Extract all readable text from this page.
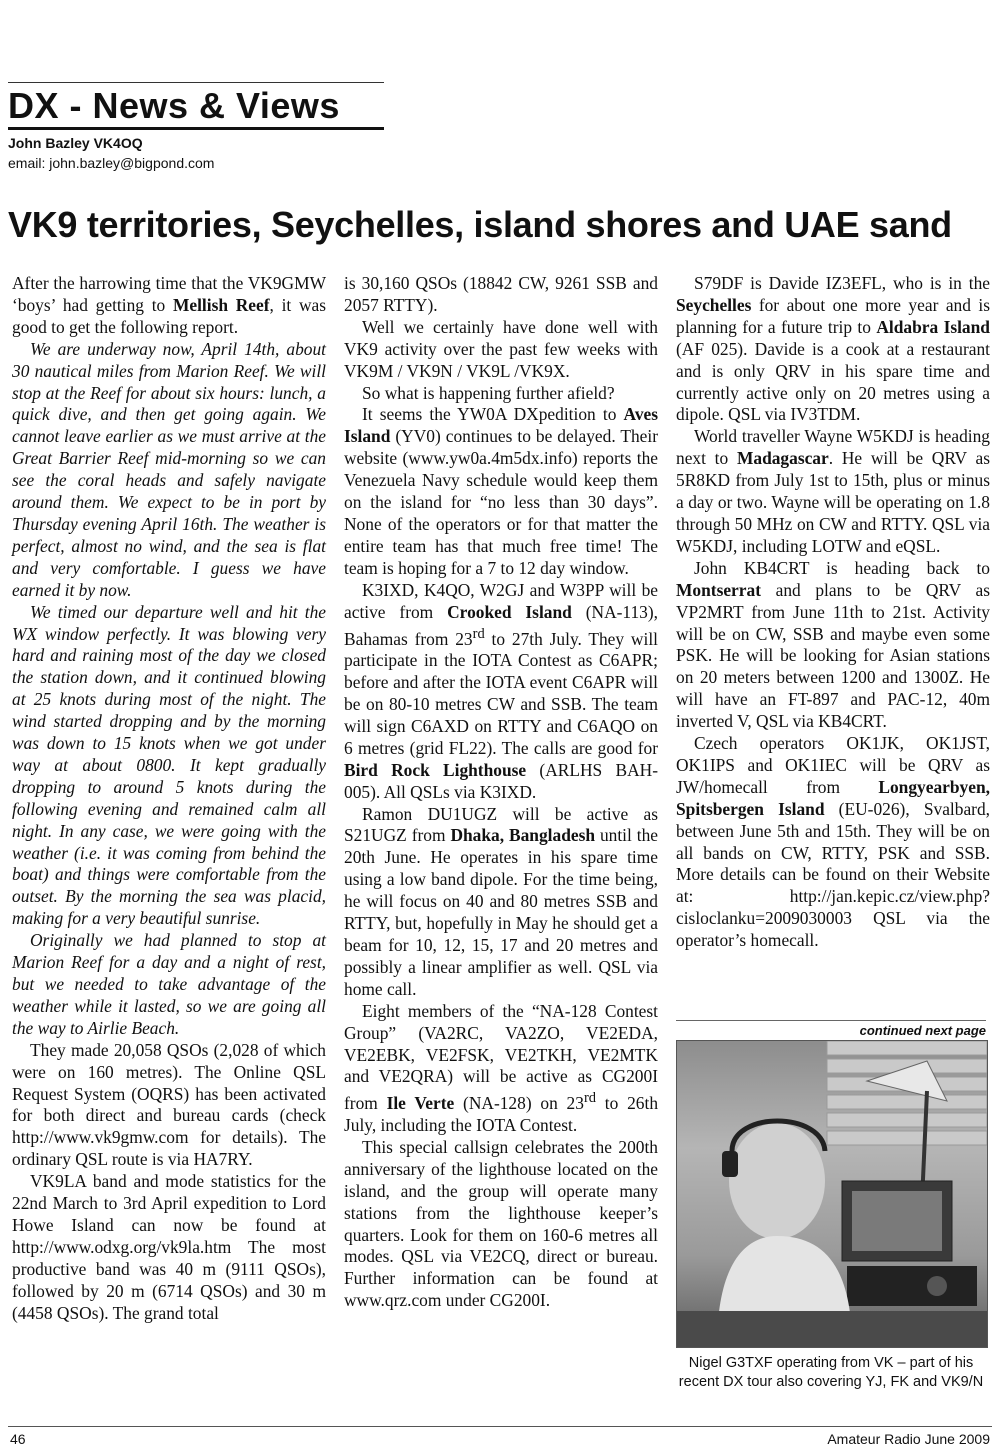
DX - News & Views
John Bazley VK4OQ
email: john.bazley@bigpond.com
VK9 territories, Seychelles, island shores and UAE sand

After the harrowing time that the VK9GMW ‘boys’ had getting to Mellish Reef, it was good to get the following report.

We are underway now, April 14th, about 30 nautical miles from Marion Reef. We will stop at the Reef for about six hours: lunch, a quick dive, and then get going again. We cannot leave earlier as we must arrive at the Great Barrier Reef mid-morning so we can see the coral heads and safely navigate around them. We expect to be in port by Thursday evening April 16th. The weather is perfect, almost no wind, and the sea is flat and very comfortable. I guess we have earned it by now.

We timed our departure well and hit the WX window perfectly. It was blowing very hard and raining most of the day we closed the station down, and it continued blowing at 25 knots during most of the night. The wind started dropping and by the morning was down to 15 knots when we got under way at about 0800. It kept gradually dropping to around 5 knots during the following evening and remained calm all night. In any case, we were going with the weather (i.e. it was coming from behind the boat) and things were comfortable from the outset. By the morning the sea was placid, making for a very beautiful sunrise.

Originally we had planned to stop at Marion Reef for a day and a night of rest, but we needed to take advantage of the weather while it lasted, so we are going all the way to Airlie Beach.

They made 20,058 QSOs (2,028 of which were on 160 metres). The Online QSL Request System (OQRS) has been activated for both direct and bureau cards (check http://www.vk9gmw.com for details). The ordinary QSL route is via HA7RY.

VK9LA band and mode statistics for the 22nd March to 3rd April expedition to Lord Howe Island can now be found at http://www.odxg.org/vk9la.htm The most productive band was 40 m (9111 QSOs), followed by 20 m (6714 QSOs) and 30 m (4458 QSOs). The grand total

is 30,160 QSOs (18842 CW, 9261 SSB and 2057 RTTY).

Well we certainly have done well with VK9 activity over the past few weeks with VK9M / VK9N / VK9L /VK9X.

So what is happening further afield?

It seems the YW0A DXpedition to Aves Island (YV0) continues to be delayed. Their website (www.yw0a.4m5dx.info) reports the Venezuela Navy schedule would keep them on the island for “no less than 30 days”. None of the operators or for that matter the entire team has that much free time! The team is hoping for a 7 to 12 day window.

K3IXD, K4QO, W2GJ and W3PP will be active from Crooked Island (NA-113), Bahamas from 23rd to 27th July. They will participate in the IOTA Contest as C6APR; before and after the IOTA event C6APR will be on 80-10 metres CW and SSB. The team will sign C6AXD on RTTY and C6AQO on 6 metres (grid FL22). The calls are good for Bird Rock Lighthouse (ARLHS BAH-005). All QSLs via K3IXD.

Ramon DU1UGZ will be active as S21UGZ from Dhaka, Bangladesh until the 20th June. He operates in his spare time using a low band dipole. For the time being, he will focus on 40 and 80 metres SSB and RTTY, but, hopefully in May he should get a beam for 10, 12, 15, 17 and 20 metres and possibly a linear amplifier as well. QSL via home call.

Eight members of the “NA-128 Contest Group” (VA2RC, VA2ZO, VE2EDA, VE2EBK, VE2FSK, VE2TKH, VE2MTK and VE2QRA) will be active as CG200I from Ile Verte (NA-128) on 23rd to 26th July, including the IOTA Contest.

This special callsign celebrates the 200th anniversary of the lighthouse located on the island, and the group will operate many stations from the lighthouse keeper’s quarters. Look for them on 160-6 metres all modes. QSL via VE2CQ, direct or bureau. Further information can be found at www.qrz.com under CG200I.

S79DF is Davide IZ3EFL, who is in the Seychelles for about one more year and is planning for a future trip to Aldabra Island (AF 025). Davide is a cook at a restaurant and is only QRV in his spare time and currently active only on 20 metres using a dipole. QSL via IV3TDM.

World traveller Wayne W5KDJ is heading next to Madagascar. He will be QRV as 5R8KD from July 1st to 15th, plus or minus a day or two. Wayne will be operating on 1.8 through 50 MHz on CW and RTTY. QSL via W5KDJ, including LOTW and eQSL.

John KB4CRT is heading back to Montserrat and plans to be QRV as VP2MRT from June 11th to 21st. Activity will be on CW, SSB and maybe even some PSK. He will be looking for Asian stations on 20 meters between 1200 and 1300Z. He will have an FT-897 and PAC-12, 40m inverted V, QSL via KB4CRT.

Czech operators OK1JK, OK1JST, OK1IPS and OK1IEC will be QRV as JW/homecall from Longyearbyen, Spitsbergen Island (EU-026), Svalbard, between June 5th and 15th. They will be on all bands on CW, RTTY, PSK and SSB. More details can be found on their Website at: http://jan.kepic.cz/view.php?cisloclanku=2009030003 QSL via the operator’s homecall.

continued next page
Nigel G3TXF operating from VK – part of his recent DX tour also covering YJ, FK and VK9/N
46	Amateur Radio June 2009
